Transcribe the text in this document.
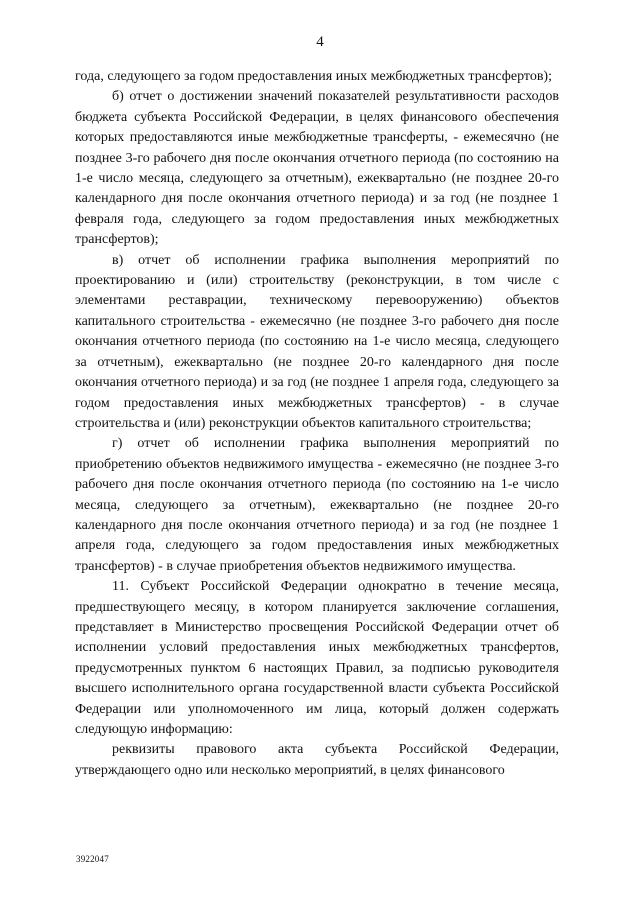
4

года, следующего за годом предоставления иных межбюджетных трансфертов);

б) отчет о достижении значений показателей результативности расходов бюджета субъекта Российской Федерации, в целях финансового обеспечения которых предоставляются иные межбюджетные трансферты, - ежемесячно (не позднее 3-го рабочего дня после окончания отчетного периода (по состоянию на 1-е число месяца, следующего за отчетным), ежеквартально (не позднее 20-го календарного дня после окончания отчетного периода) и за год (не позднее 1 февраля года, следующего за годом предоставления иных межбюджетных трансфертов);

в) отчет об исполнении графика выполнения мероприятий по проектированию и (или) строительству (реконструкции, в том числе с элементами реставрации, техническому перевооружению) объектов капитального строительства - ежемесячно (не позднее 3-го рабочего дня после окончания отчетного периода (по состоянию на 1-е число месяца, следующего за отчетным), ежеквартально (не позднее 20-го календарного дня после окончания отчетного периода) и за год (не позднее 1 апреля года, следующего за годом предоставления иных межбюджетных трансфертов) - в случае строительства и (или) реконструкции объектов капитального строительства;

г) отчет об исполнении графика выполнения мероприятий по приобретению объектов недвижимого имущества - ежемесячно (не позднее 3-го рабочего дня после окончания отчетного периода (по состоянию на 1-е число месяца, следующего за отчетным), ежеквартально (не позднее 20-го календарного дня после окончания отчетного периода) и за год (не позднее 1 апреля года, следующего за годом предоставления иных межбюджетных трансфертов) - в случае приобретения объектов недвижимого имущества.

11. Субъект Российской Федерации однократно в течение месяца, предшествующего месяцу, в котором планируется заключение соглашения, представляет в Министерство просвещения Российской Федерации отчет об исполнении условий предоставления иных межбюджетных трансфертов, предусмотренных пунктом 6 настоящих Правил, за подписью руководителя высшего исполнительного органа государственной власти субъекта Российской Федерации или уполномоченного им лица, который должен содержать следующую информацию:

реквизиты правового акта субъекта Российской Федерации, утверждающего одно или несколько мероприятий, в целях финансового

3922047
